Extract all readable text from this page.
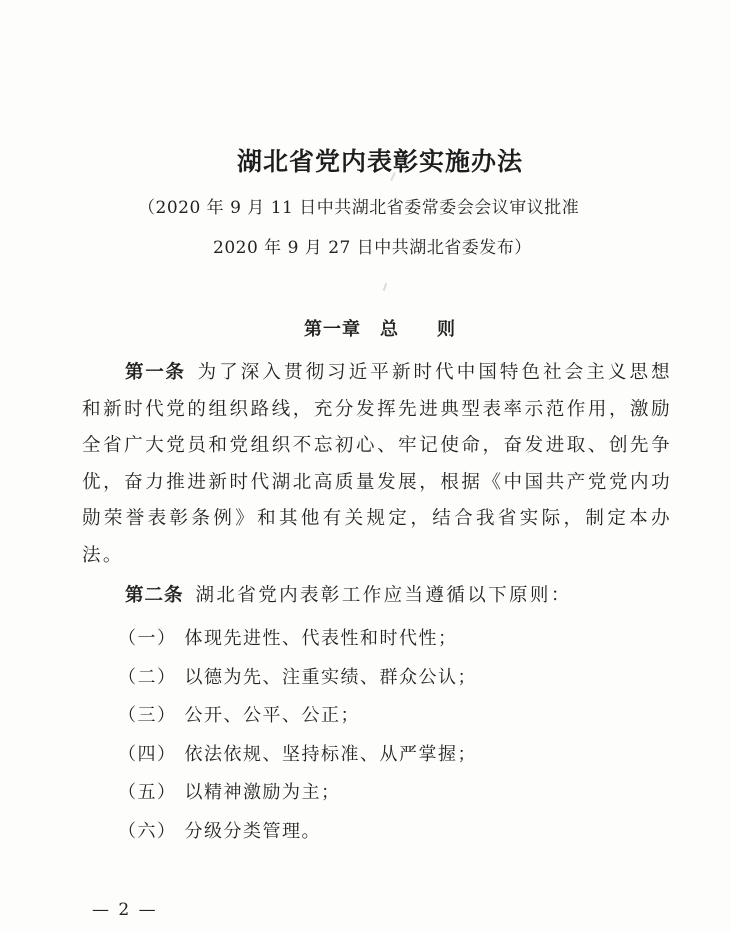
湖北省党内表彰实施办法
（2020 年 9 月 11 日中共湖北省委常委会会议审议批准
2020 年 9 月 27 日中共湖北省委发布）
第一章　总　　则
第一条 为了深入贯彻习近平新时代中国特色社会主义思想和新时代党的组织路线，充分发挥先进典型表率示范作用，激励全省广大党员和党组织不忘初心、牢记使命，奋发进取、创先争优，奋力推进新时代湖北高质量发展，根据《中国共产党党内功勋荣誉表彰条例》和其他有关规定，结合我省实际，制定本办法。
第二条 湖北省党内表彰工作应当遵循以下原则：
（一） 体现先进性、代表性和时代性；
（二） 以德为先、注重实绩、群众公认；
（三） 公开、公平、公正；
（四） 依法依规、坚持标准、从严掌握；
（五） 以精神激励为主；
（六） 分级分类管理。
— 2 —
